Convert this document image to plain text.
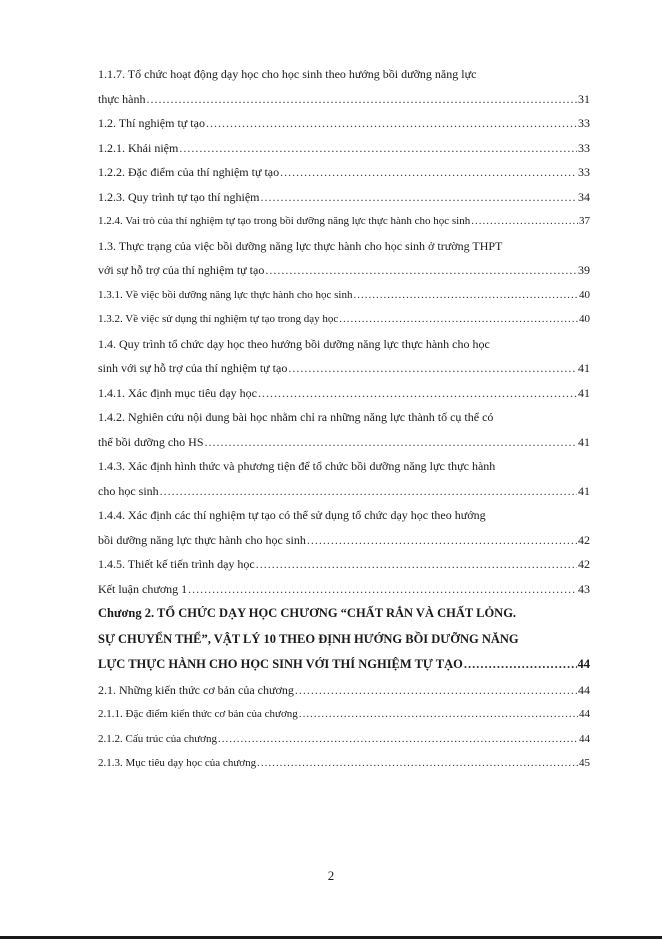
1.1.7. Tổ chức hoạt động dạy học cho học sinh theo hướng bồi dưỡng năng lực
thực hành .....	31
1.2. Thí nghiệm tự tạo .....	33
1.2.1. Khái niệm .....	33
1.2.2. Đặc điểm của thí nghiệm tự tạo .....	33
1.2.3. Quy trình tự tạo thí nghiệm .....	34
1.2.4. Vai trò của thí nghiệm tự tạo trong bồi dưỡng năng lực thực hành cho học sinh .....	37
1.3. Thực trạng của việc bồi dưỡng năng lực thực hành cho học sinh ở trường THPT
với sự hỗ trợ của thí nghiệm tự tạo .....	39
1.3.1. Về việc bồi dưỡng năng lực thực hành cho học sinh .....	40
1.3.2. Về việc sử dụng thí nghiệm tự tạo trong dạy học .....	40
1.4. Quy trình tổ chức dạy học theo hướng bồi dưỡng năng lực thực hành cho học
sinh với sự hỗ trợ của thí nghiệm tự tạo .....	41
1.4.1. Xác định mục tiêu dạy học .....	41
1.4.2. Nghiên cứu nội dung bài học nhằm chỉ ra những năng lực thành tố cụ thể có
thể bồi dưỡng cho HS .....	41
1.4.3. Xác định hình thức và phương tiện để tổ chức bồi dưỡng năng lực thực hành
cho học sinh .....	41
1.4.4. Xác định các thí nghiệm tự tạo có thể sử dụng tổ chức dạy học theo hướng
bồi dưỡng năng lực thực hành cho học sinh .....	42
1.4.5. Thiết kế tiến trình dạy học .....	42
Kết luận chương 1 .....	43
Chương 2. TỔ CHỨC DẠY HỌC CHƯƠNG “CHẤT RẮN VÀ CHẤT LỎNG.
SỰ CHUYỂN THỂ”, VẬT LÝ 10 THEO ĐỊNH HƯỚNG BỒI DƯỠNG NĂNG
LỰC THỰC HÀNH CHO HỌC SINH VỚI THÍ NGHIỆM TỰ TẠO .....	44
2.1. Những kiến thức cơ bản của chương .....	44
2.1.1. Đặc điểm kiến thức cơ bản của chương .....	44
2.1.2. Cấu trúc của chương .....	44
2.1.3. Mục tiêu dạy học của chương .....	45
2
